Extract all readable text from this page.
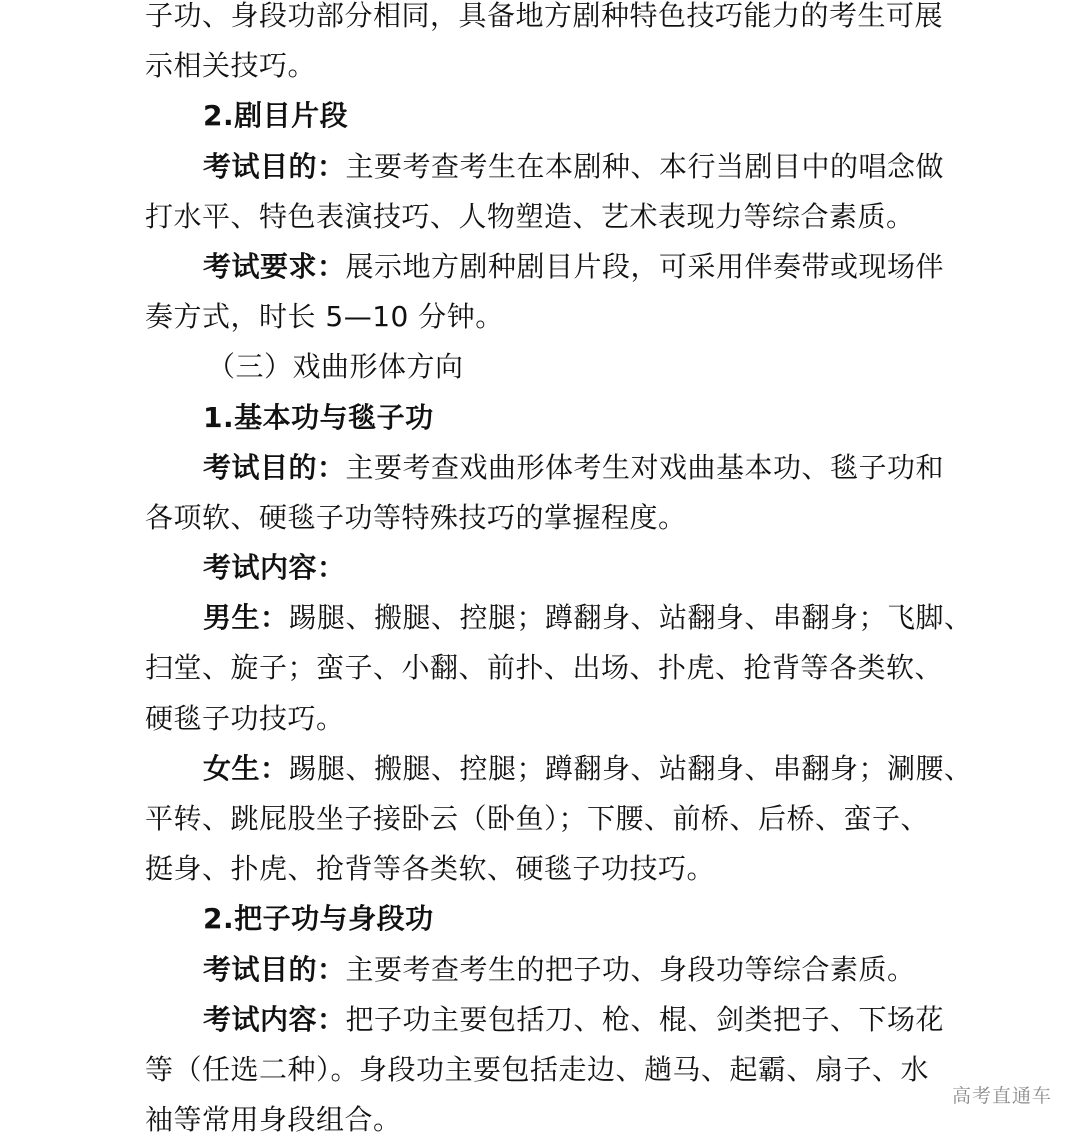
子功、身段功部分相同，具备地方剧种特色技巧能力的考生可展
示相关技巧。
2.剧目片段
考试目的：主要考查考生在本剧种、本行当剧目中的唱念做
打水平、特色表演技巧、人物塑造、艺术表现力等综合素质。
考试要求：展示地方剧种剧目片段，可采用伴奏带或现场伴
奏方式，时长 5—10 分钟。
（三）戏曲形体方向
1.基本功与毯子功
考试目的：主要考查戏曲形体考生对戏曲基本功、毯子功和
各项软、硬毯子功等特殊技巧的掌握程度。
考试内容：
男生：踢腿、搬腿、控腿；蹲翻身、站翻身、串翻身；飞脚、
扫堂、旋子；蛮子、小翻、前扑、出场、扑虎、抢背等各类软、
硬毯子功技巧。
女生：踢腿、搬腿、控腿；蹲翻身、站翻身、串翻身；涮腰、
平转、跳屁股坐子接卧云（卧鱼）；下腰、前桥、后桥、蛮子、
挺身、扑虎、抢背等各类软、硬毯子功技巧。
2.把子功与身段功
考试目的：主要考查考生的把子功、身段功等综合素质。
考试内容：把子功主要包括刀、枪、棍、剑类把子、下场花
等（任选二种）。身段功主要包括走边、趟马、起霸、扇子、水
袖等常用身段组合。
高考直通车
